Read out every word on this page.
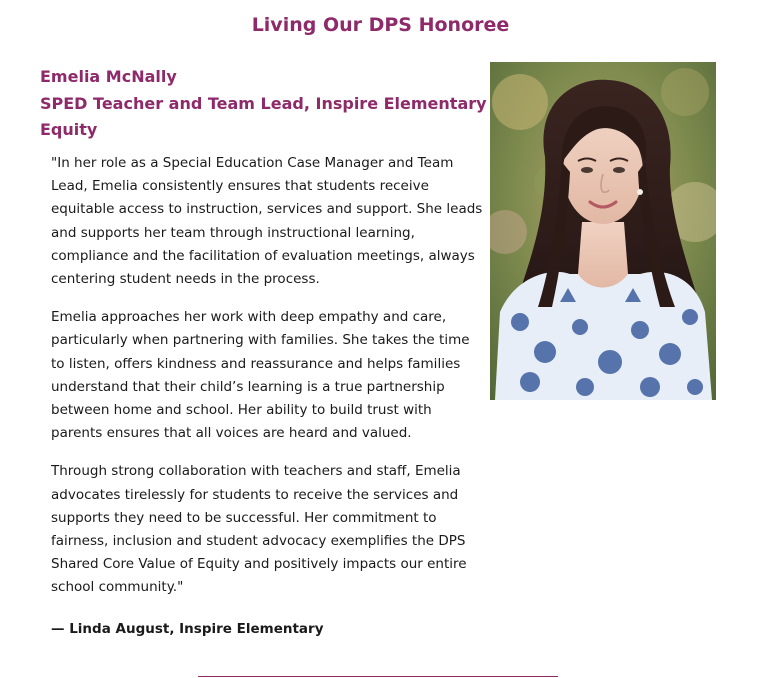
Living Our DPS Honoree
Emelia McNally
SPED Teacher and Team Lead, Inspire Elementary
Equity

"In her role as a Special Education Case Manager and Team Lead, Emelia consistently ensures that students receive equitable access to instruction, services and support. She leads and supports her team through instructional learning, compliance and the facilitation of evaluation meetings, always centering student needs in the process.

Emelia approaches her work with deep empathy and care, particularly when partnering with families. She takes the time to listen, offers kindness and reassurance and helps families understand that their child’s learning is a true partnership between home and school. Her ability to build trust with parents ensures that all voices are heard and valued.

Through strong collaboration with teachers and staff, Emelia advocates tirelessly for students to receive the services and supports they need to be successful. Her commitment to fairness, inclusion and student advocacy exemplifies the DPS Shared Core Value of Equity and positively impacts our entire school community."

— Linda August, Inspire Elementary
